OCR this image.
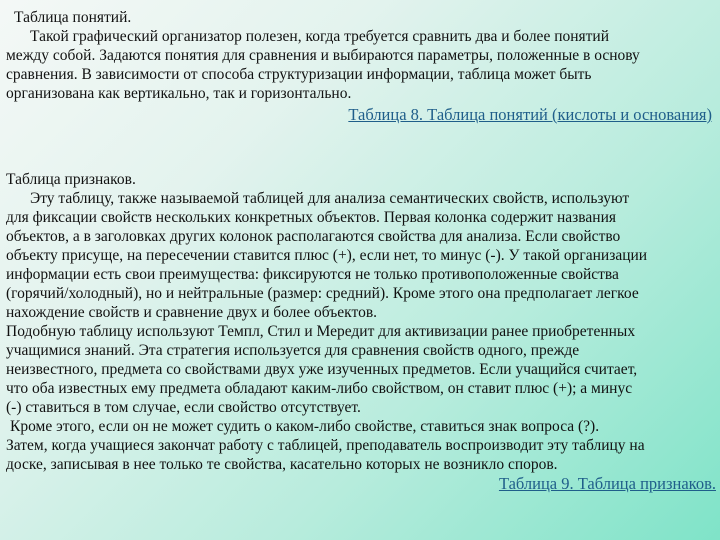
Таблица понятий.
Такой графический организатор полезен, когда требуется сравнить два и более понятий
между собой. Задаются понятия для сравнения и выбираются параметры, положенные в основу
сравнения. В зависимости от способа структуризации информации, таблица может быть
организована как вертикально, так и горизонтально.
Таблица 8. Таблица понятий (кислоты и основания)
Таблица признаков.
Эту таблицу, также называемой таблицей для анализа семантических свойств, используют
для фиксации свойств нескольких конкретных объектов. Первая колонка содержит названия
объектов, а в заголовках других колонок располагаются свойства для анализа. Если свойство
объекту присуще, на пересечении ставится плюс (+), если нет, то минус (-). У такой организации
информации есть свои преимущества: фиксируются не только противоположенные свойства
(горячий/холодный), но и нейтральные (размер: средний). Кроме этого она предполагает легкое
нахождение свойств и сравнение двух и более объектов.
Подобную таблицу используют Темпл, Стил и Мередит для активизации ранее приобретенных
учащимися знаний. Эта стратегия используется для сравнения свойств одного, прежде
неизвестного, предмета со свойствами двух уже изученных предметов. Если учащийся считает,
что оба известных ему предмета обладают каким-либо свойством, он ставит плюс (+); а минус
(-) ставиться в том случае, если свойство отсутствует.
Кроме этого, если он не может судить о каком-либо свойстве, ставиться знак вопроса (?).
Затем, когда учащиеся закончат работу с таблицей, преподаватель воспроизводит эту таблицу на
доске, записывая в нее только те свойства, касательно которых не возникло споров.
Таблица 9. Таблица признаков.
